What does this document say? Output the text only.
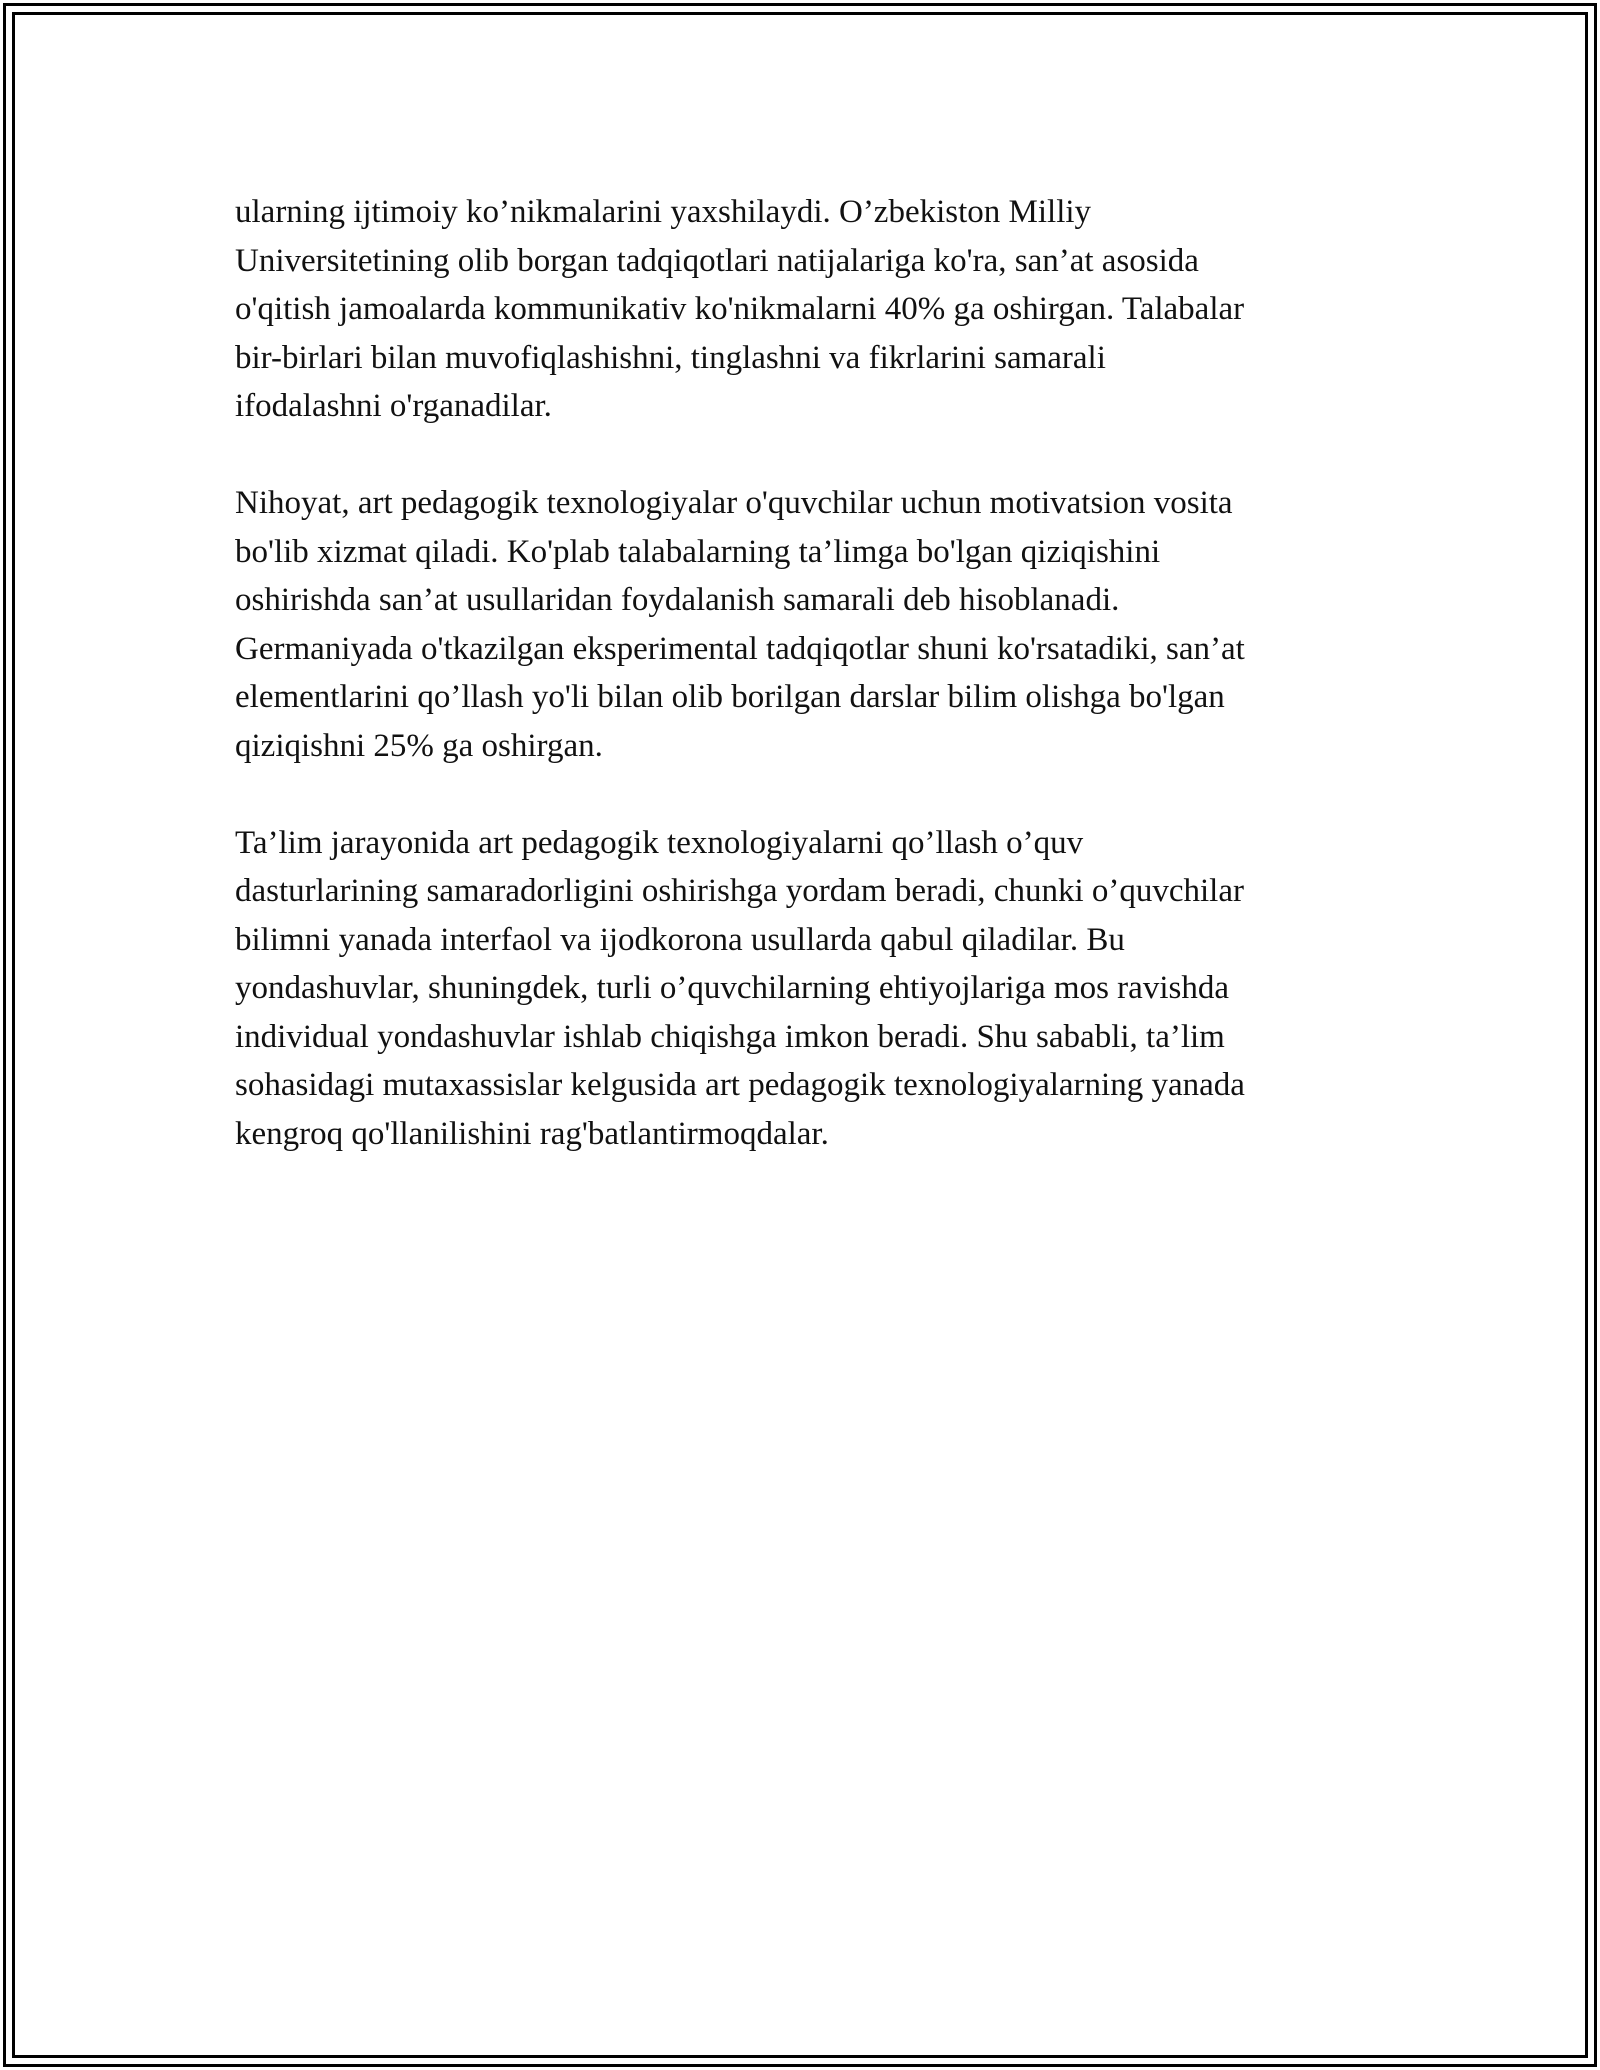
ularning ijtimoiy ko’nikmalarini yaxshilaydi. O’zbekiston Milliy
Universitetining olib borgan tadqiqotlari natijalariga ko'ra, san’at asosida
o'qitish jamoalarda kommunikativ ko'nikmalarni 40% ga oshirgan. Talabalar
bir-birlari bilan muvofiqlashishni, tinglashni va fikrlarini samarali
ifodalashni o'rganadilar.

Nihoyat, art pedagogik texnologiyalar o'quvchilar uchun motivatsion vosita
bo'lib xizmat qiladi. Ko'plab talabalarning ta’limga bo'lgan qiziqishini
oshirishda san’at usullaridan foydalanish samarali deb hisoblanadi.
Germaniyada o'tkazilgan eksperimental tadqiqotlar shuni ko'rsatadiki, san’at
elementlarini qo’llash yo'li bilan olib borilgan darslar bilim olishga bo'lgan
qiziqishni 25% ga oshirgan.

Ta’lim jarayonida art pedagogik texnologiyalarni qo’llash o’quv
dasturlarining samaradorligini oshirishga yordam beradi, chunki o’quvchilar
bilimni yanada interfaol va ijodkorona usullarda qabul qiladilar. Bu
yondashuvlar, shuningdek, turli o’quvchilarning ehtiyojlariga mos ravishda
individual yondashuvlar ishlab chiqishga imkon beradi. Shu sababli, ta’lim
sohasidagi mutaxassislar kelgusida art pedagogik texnologiyalarning yanada
kengroq qo'llanilishini rag'batlantirmoqdalar.
